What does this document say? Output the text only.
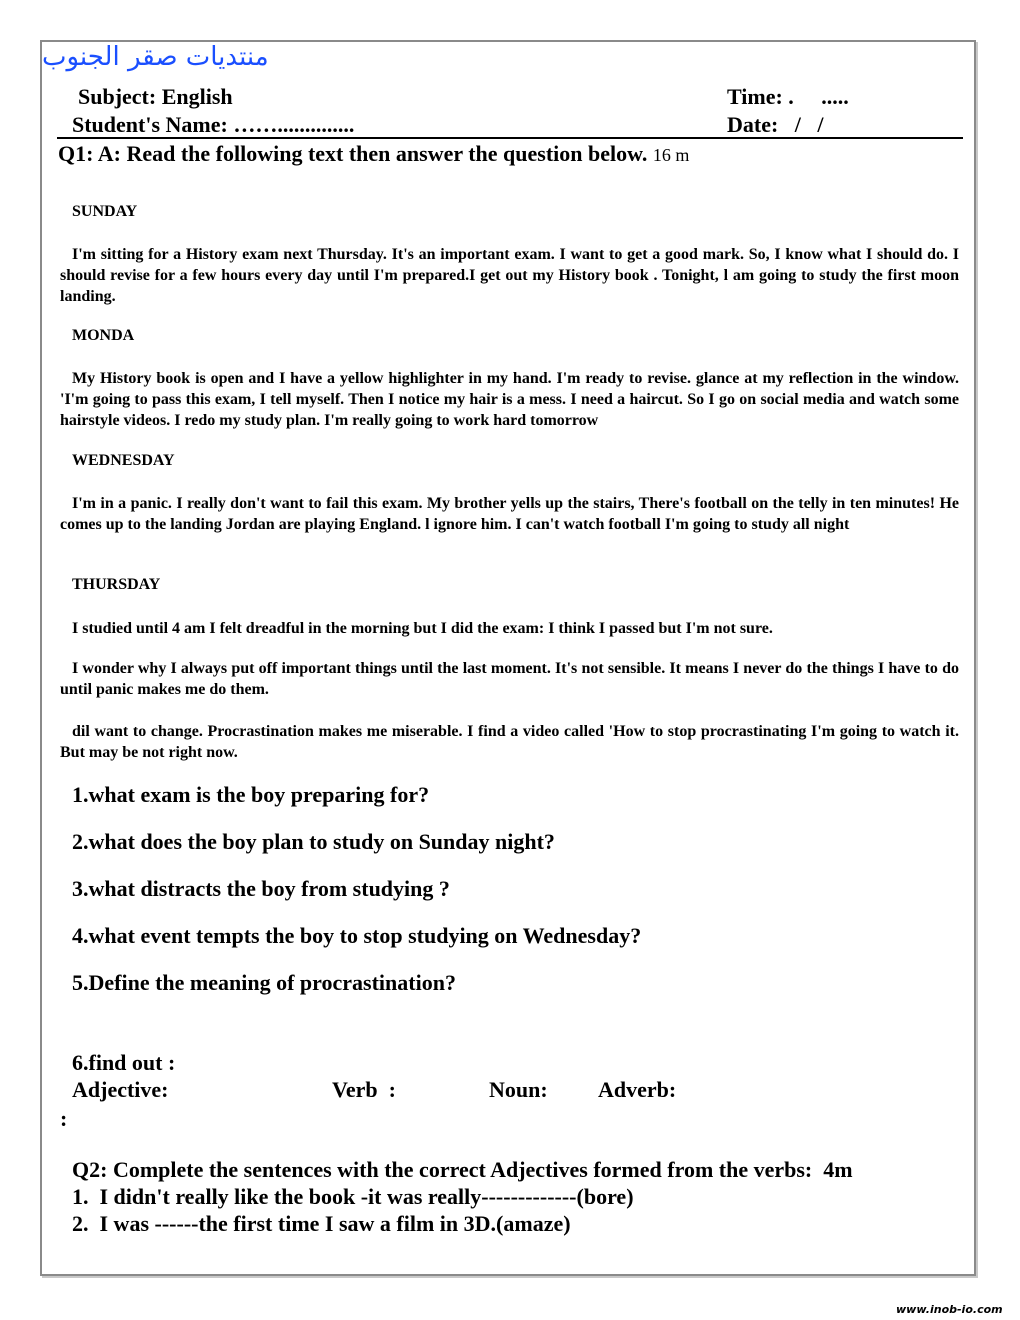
منتديات صقر الجنوب
Subject: English
Student's Name: ……..............
Time: .     .....
Date:   /   /
Q1: A: Read the following text then answer the question below. 16 m
SUNDAY
I'm sitting for a History exam next Thursday. It's an important exam. I want to get a good mark. So, I know what I should do. I should revise for a few hours every day until I'm prepared.I get out my History book . Tonight, l am going to study the first moon landing.
MONDA
My History book is open and I have a yellow highlighter in my hand. I'm ready to revise. glance at my reflection in the window. 'I'm going to pass this exam, I tell myself. Then I notice my hair is a mess. I need a haircut. So I go on social media and watch some hairstyle videos. I redo my study plan. I'm really going to work hard tomorrow
WEDNESDAY
I'm in a panic. I really don't want to fail this exam. My brother yells up the stairs, There's football on the telly in ten minutes! He comes up to the landing Jordan are playing England. l ignore him. I can't watch football I'm going to study all night
THURSDAY
I studied until 4 am I felt dreadful in the morning but I did the exam: I think I passed but I'm not sure.
I wonder why I always put off important things until the last moment. It's not sensible. It means I never do the things I have to do until panic makes me do them.
dil want to change. Procrastination makes me miserable. I find a video called 'How to stop procrastinating I'm going to watch it. But may be not right now.
1.what exam is the boy preparing for?
2.what does the boy plan to study on Sunday night?
3.what distracts the boy from studying ?
4.what event tempts the boy to stop studying on Wednesday?
5.Define the meaning of procrastination?
6.find out :
Adjective:	Verb  :	Noun: Adverb:
:
Q2: Complete the sentences with the correct Adjectives formed from the verbs:  4m
1.  I didn't really like the book -it was really-------------(bore)
2.  I was ------the first time I saw a film in 3D.(amaze)
www.inob-io.com
